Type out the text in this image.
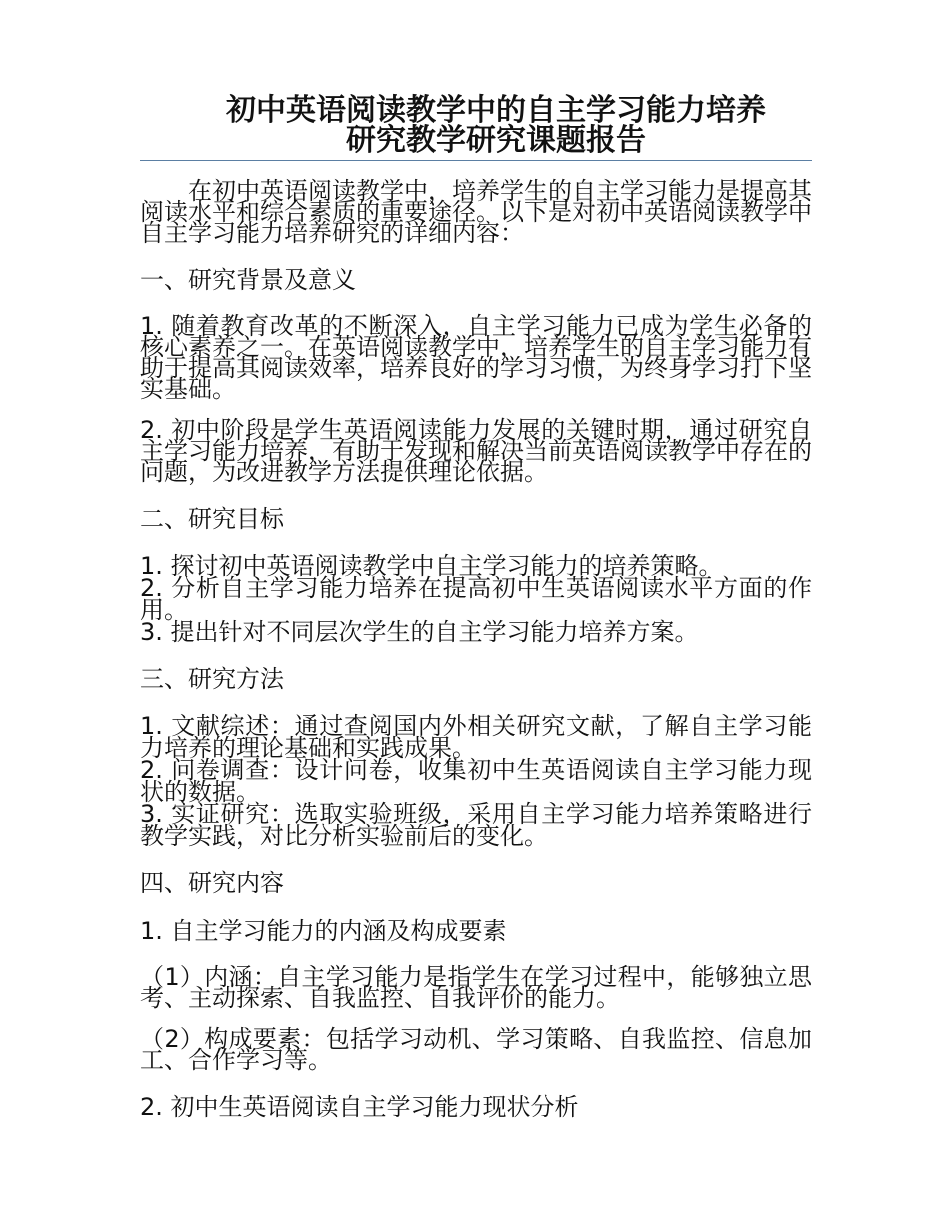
初中英语阅读教学中的自主学习能力培养
研究教学研究课题报告

在初中英语阅读教学中，培养学生的自主学习能力是提高其阅读水平和综合素质的重要途径。以下是对初中英语阅读教学中自主学习能力培养研究的详细内容：

一、研究背景及意义

1. 随着教育改革的不断深入，自主学习能力已成为学生必备的核心素养之一。在英语阅读教学中，培养学生的自主学习能力有助于提高其阅读效率，培养良好的学习习惯，为终身学习打下坚实基础。

2. 初中阶段是学生英语阅读能力发展的关键时期，通过研究自主学习能力培养，有助于发现和解决当前英语阅读教学中存在的问题，为改进教学方法提供理论依据。

二、研究目标

1. 探讨初中英语阅读教学中自主学习能力的培养策略。

2. 分析自主学习能力培养在提高初中生英语阅读水平方面的作用。

3. 提出针对不同层次学生的自主学习能力培养方案。

三、研究方法

1. 文献综述：通过查阅国内外相关研究文献，了解自主学习能力培养的理论基础和实践成果。

2. 问卷调查：设计问卷，收集初中生英语阅读自主学习能力现状的数据。

3. 实证研究：选取实验班级，采用自主学习能力培养策略进行教学实践，对比分析实验前后的变化。

四、研究内容

1. 自主学习能力的内涵及构成要素

（1）内涵：自主学习能力是指学生在学习过程中，能够独立思考、主动探索、自我监控、自我评价的能力。

（2）构成要素：包括学习动机、学习策略、自我监控、信息加工、合作学习等。

2. 初中生英语阅读自主学习能力现状分析
